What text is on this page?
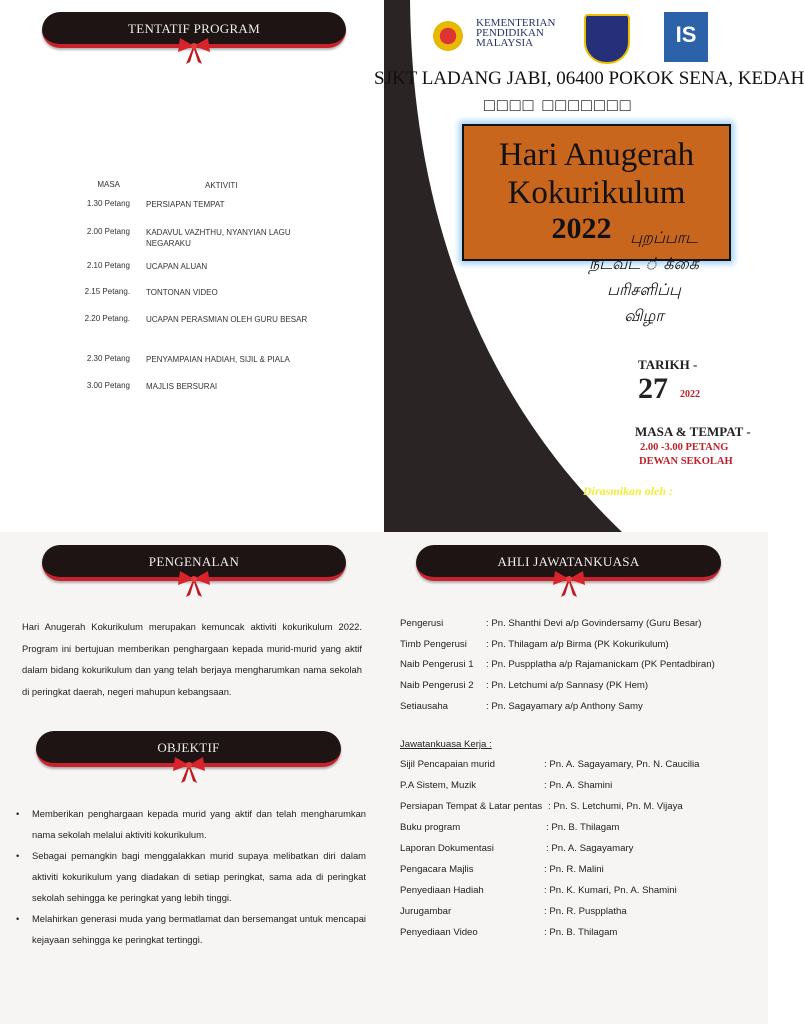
TENTATIF PROGRAM
MASA	AKTIVITI
1.30 Petang PERSIAPAN TEMPAT
2.00 Petang KADAVUL VAZHTHU, NYANYIAN LAGU NEGARAKU
2.10 Petang UCAPAN ALUAN
2.15 Petang. TONTONAN VIDEO
2.20 Petang. UCAPAN PERASMIAN OLEH GURU BESAR
2.30 Petang PENYAMPAIAN HADIAH, SIJIL & PIALA
3.00 Petang MAJLIS BERSURAI
KEMENTERIAN
PENDIDIKAN
MALAYSIA	IS
SJKT LADANG JABI, 06400 POKOK SENA, KEDAH
□□□□ □□□□□□□
Hari Anugerah
Kokurikulum
2022	புறப்பாட
நடவட ் க்கை
பரிசளிப்பு
விழா
TARIKH -
27 2022
MASA & TEMPAT -
2.00 -3.00 PETANG
DEWAN SEKOLAH
Dirasmikan oleh :
PENGENALAN

Hari Anugerah Kokurikulum merupakan kemuncak aktiviti kokurikulum 2022. Program ini bertujuan memberikan penghargaan kepada murid-murid yang aktif dalam bidang kokurikulum dan yang telah berjaya mengharumkan nama sekolah di peringkat daerah, negeri mahupun kebangsaan.

OBJEKTIF
• Memberikan penghargaan kepada murid yang aktif dan telah mengharumkan nama sekolah melalui aktiviti kokurikulum.
• Sebagai pemangkin bagi menggalakkan murid supaya melibatkan diri dalam aktiviti kokurikulum yang diadakan di setiap peringkat, sama ada di peringkat sekolah sehingga ke peringkat yang lebih tinggi.
• Melahirkan generasi muda yang bermatlamat dan bersemangat untuk mencapai kejayaan sehingga ke peringkat tertinggi.
AHLI JAWATANKUASA
Pengerusi	: Pn. Shanthi Devi a/p Govindersamy (Guru Besar)
Timb Pengerusi : Pn. Thilagam a/p Birma (PK Kokurikulum)
Naib Pengerusi 1 : Pn. Puspplatha a/p Rajamanickam (PK Pentadbiran)
Naib Pengerusi 2 : Pn. Letchumi a/p Sannasy (PK Hem)
Setiausaha	: Pn. Sagayamary a/p Anthony Samy
Jawatankuasa Kerja :
Sijil Pencapaian murid	: Pn. A. Sagayamary, Pn. N. Caucilia
P.A Sistem, Muzik	: Pn. A. Shamini
Persiapan Tempat & Latar pentas : Pn. S. Letchumi, Pn. M. Vijaya
Buku program	: Pn. B. Thilagam
Laporan Dokumentasi	: Pn. A. Sagayamary
Pengacara Majlis	: Pn. R. Malini
Penyediaan Hadiah	: Pn. K. Kumari, Pn. A. Shamini
Jurugambar	: Pn. R. Puspplatha
Penyediaan Video	: Pn. B. Thilagam
